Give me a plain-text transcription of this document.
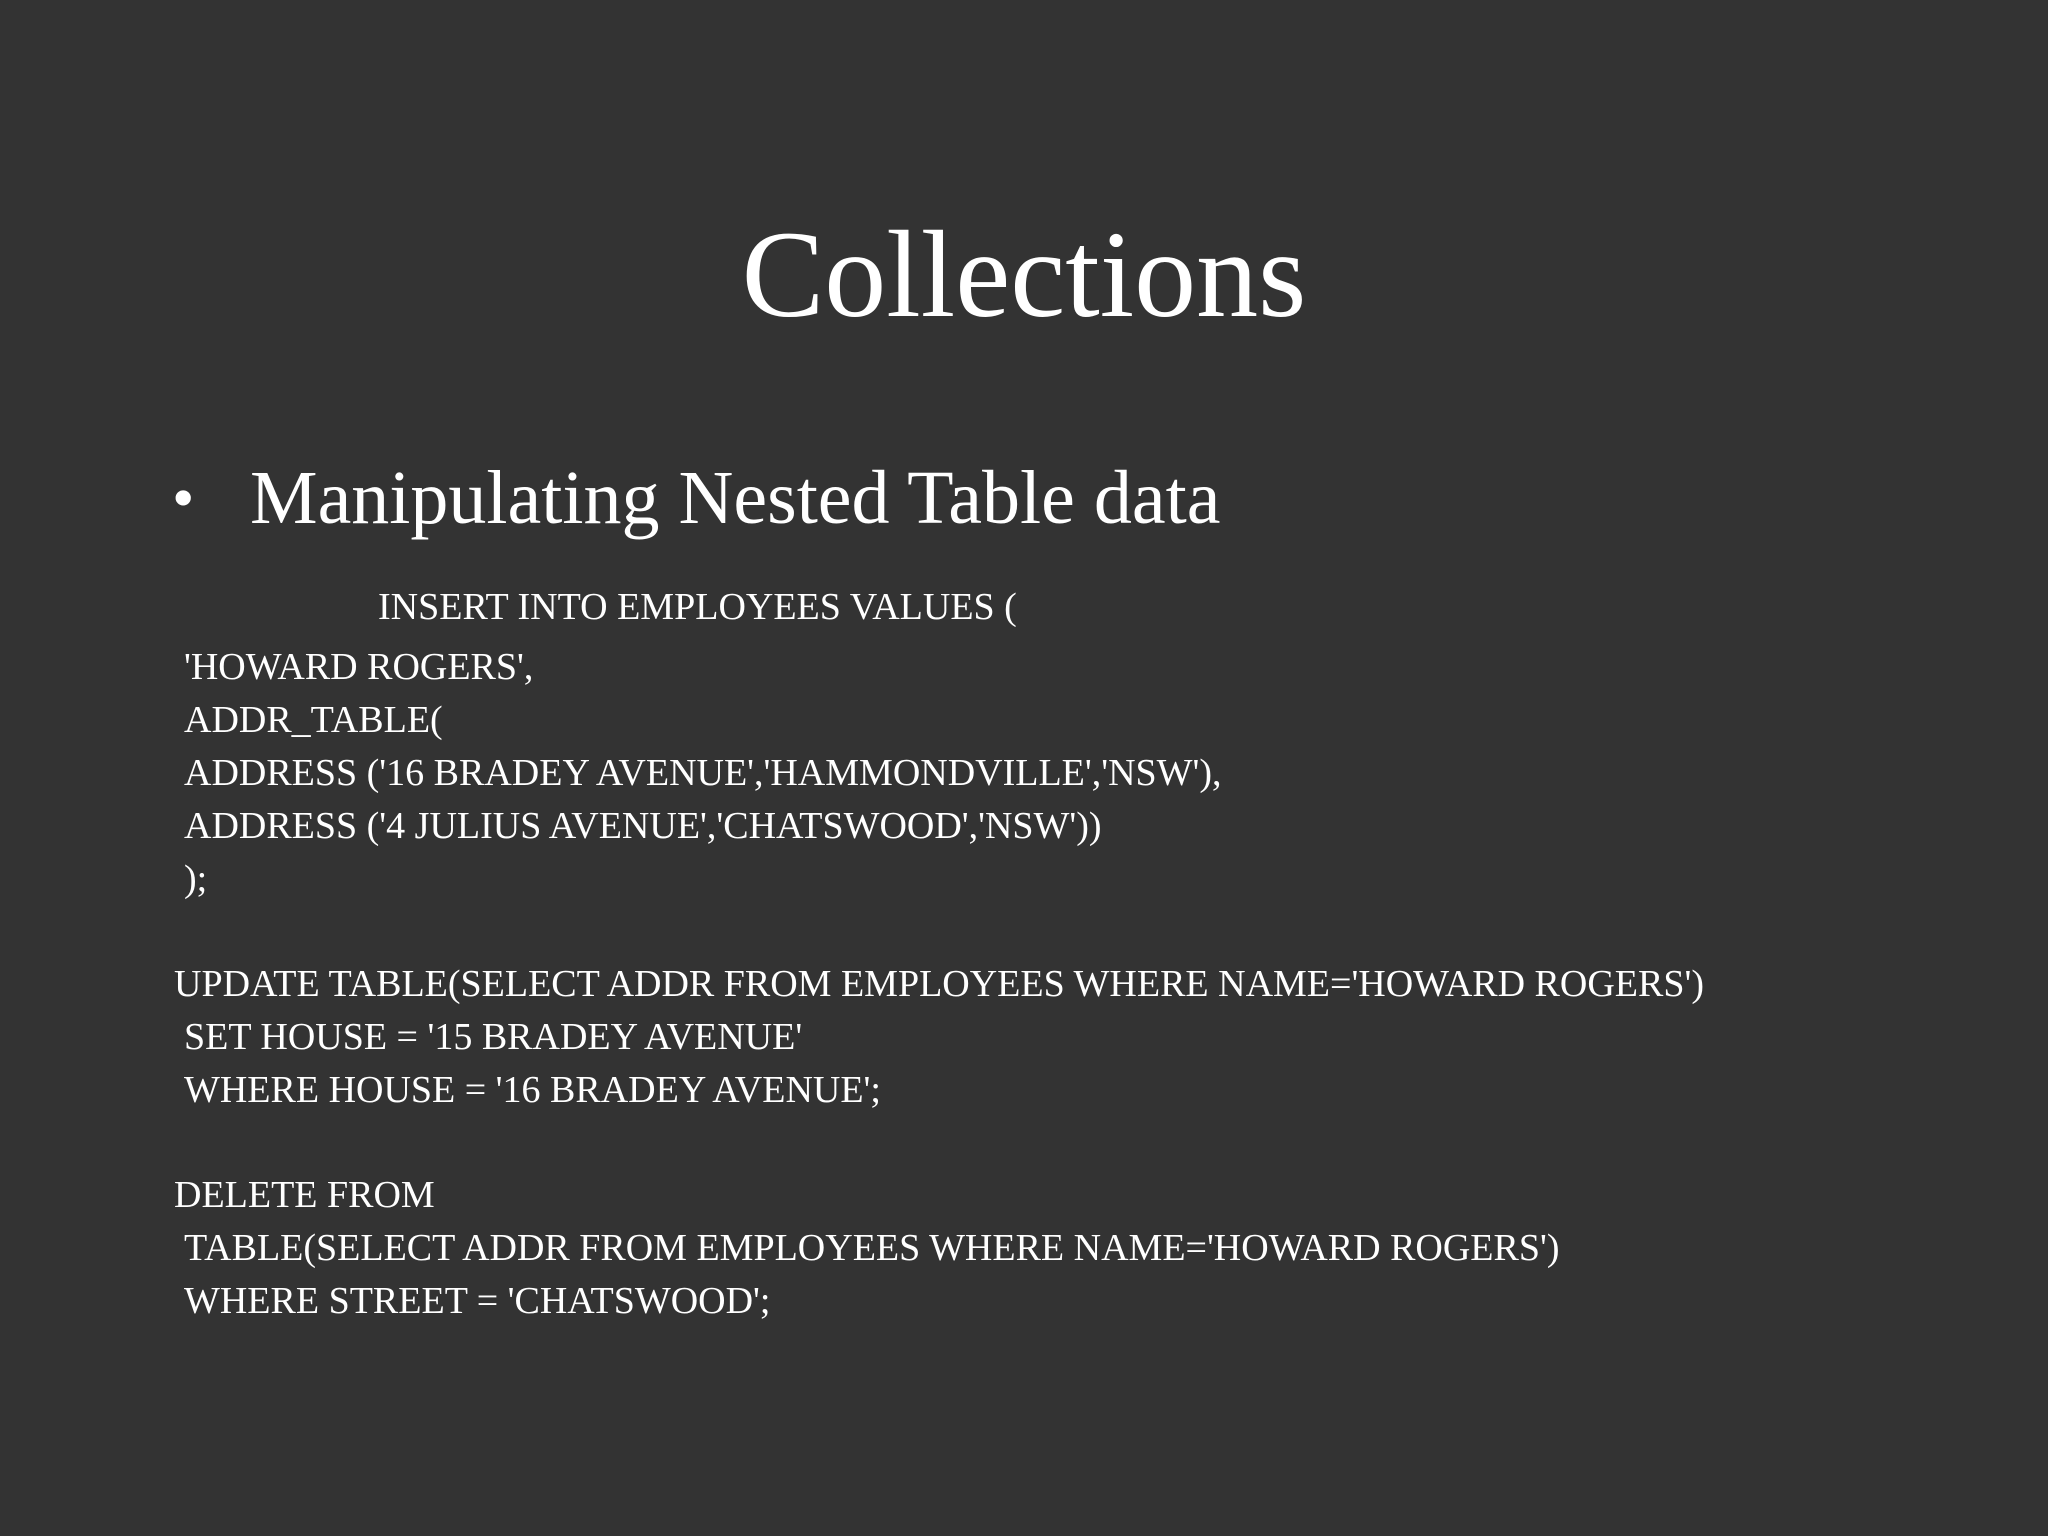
Collections
• Manipulating Nested Table data
INSERT INTO EMPLOYEES VALUES (
'HOWARD ROGERS',
ADDR_TABLE(
ADDRESS ('16 BRADEY AVENUE','HAMMONDVILLE','NSW'),
ADDRESS ('4 JULIUS AVENUE','CHATSWOOD','NSW'))
);
UPDATE TABLE(SELECT ADDR FROM EMPLOYEES WHERE NAME='HOWARD ROGERS')
SET HOUSE = '15 BRADEY AVENUE'
WHERE HOUSE = '16 BRADEY AVENUE';
DELETE FROM
TABLE(SELECT ADDR FROM EMPLOYEES WHERE NAME='HOWARD ROGERS')
WHERE STREET = 'CHATSWOOD';
